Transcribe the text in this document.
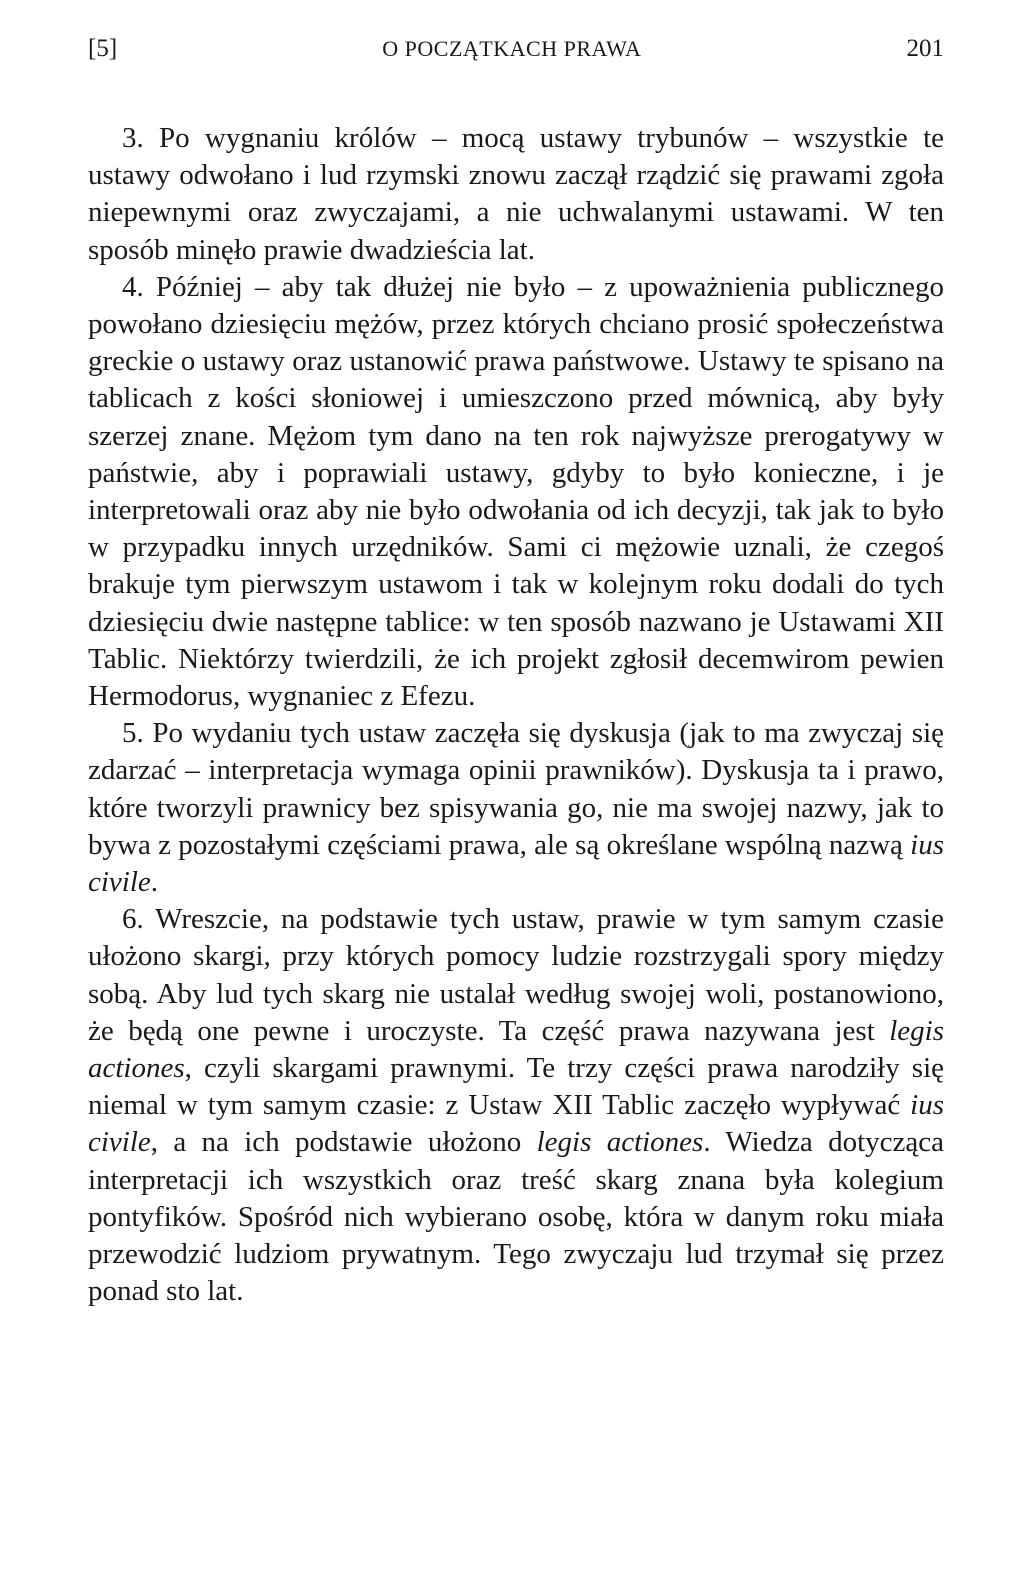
[5]	O POCZĄTKACH PRAWA	201

3. Po wygnaniu królów – mocą ustawy trybunów – wszystkie te ustawy odwołano i lud rzymski znowu zaczął rządzić się prawami zgoła niepewnymi oraz zwyczajami, a nie uchwalanymi ustawami. W ten sposób minęło prawie dwadzieścia lat.

4. Później – aby tak dłużej nie było – z upoważnienia publicznego powołano dziesięciu mężów, przez których chciano prosić społeczeństwa greckie o ustawy oraz ustanowić prawa państwowe. Ustawy te spisano na tablicach z kości słoniowej i umieszczono przed mównicą, aby były szerzej znane. Mężom tym dano na ten rok najwyższe prerogatywy w państwie, aby i poprawiali ustawy, gdyby to było konieczne, i je interpretowali oraz aby nie było odwołania od ich decyzji, tak jak to było w przypadku innych urzędników. Sami ci mężowie uznali, że czegoś brakuje tym pierwszym ustawom i tak w kolejnym roku dodali do tych dziesięciu dwie następne tablice: w ten sposób nazwano je Ustawami XII Tablic. Niektórzy twierdzili, że ich projekt zgłosił decemwirom pewien Hermodorus, wygnaniec z Efezu.

5. Po wydaniu tych ustaw zaczęła się dyskusja (jak to ma zwyczaj się zdarzać – interpretacja wymaga opinii prawników). Dyskusja ta i prawo, które tworzyli prawnicy bez spisywania go, nie ma swojej nazwy, jak to bywa z pozostałymi częściami prawa, ale są określane wspólną nazwą ius civile.

6. Wreszcie, na podstawie tych ustaw, prawie w tym samym czasie ułożono skargi, przy których pomocy ludzie rozstrzygali spory między sobą. Aby lud tych skarg nie ustalał według swojej woli, postanowiono, że będą one pewne i uroczyste. Ta część prawa nazywana jest legis actiones, czyli skargami prawnymi. Te trzy części prawa narodziły się niemal w tym samym czasie: z Ustaw XII Tablic zaczęło wypływać ius civile, a na ich podstawie ułożono legis actiones. Wiedza dotycząca interpretacji ich wszystkich oraz treść skarg znana była kolegium pontyfików. Spośród nich wybierano osobę, która w danym roku miała przewodzić ludziom prywatnym. Tego zwyczaju lud trzymał się przez ponad sto lat.
